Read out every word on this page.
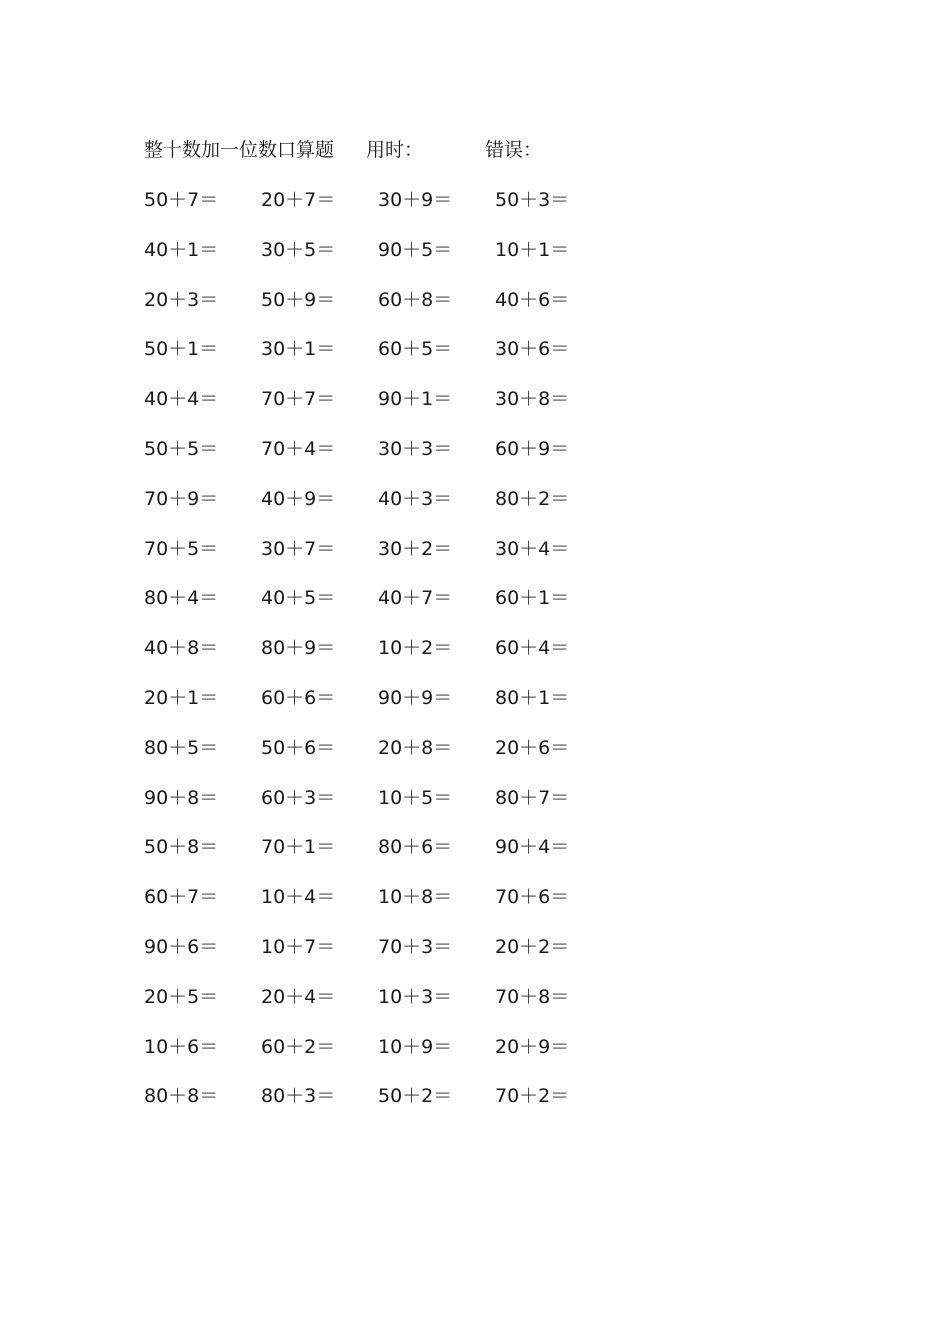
整十数加一位数口算题 用时：	错误：
50＋7＝ 20＋7＝ 30＋9＝ 50＋3＝
40＋1＝ 30＋5＝ 90＋5＝ 10＋1＝
20＋3＝ 50＋9＝ 60＋8＝ 40＋6＝
50＋1＝ 30＋1＝ 60＋5＝ 30＋6＝
40＋4＝ 70＋7＝ 90＋1＝ 30＋8＝
50＋5＝ 70＋4＝ 30＋3＝ 60＋9＝
70＋9＝ 40＋9＝ 40＋3＝ 80＋2＝
70＋5＝ 30＋7＝ 30＋2＝ 30＋4＝
80＋4＝ 40＋5＝ 40＋7＝ 60＋1＝
40＋8＝ 80＋9＝ 10＋2＝ 60＋4＝
20＋1＝ 60＋6＝ 90＋9＝ 80＋1＝
80＋5＝ 50＋6＝ 20＋8＝ 20＋6＝
90＋8＝ 60＋3＝ 10＋5＝ 80＋7＝
50＋8＝ 70＋1＝ 80＋6＝ 90＋4＝
60＋7＝ 10＋4＝ 10＋8＝ 70＋6＝
90＋6＝ 10＋7＝ 70＋3＝ 20＋2＝
20＋5＝ 20＋4＝ 10＋3＝ 70＋8＝
10＋6＝ 60＋2＝ 10＋9＝ 20＋9＝
80＋8＝ 80＋3＝ 50＋2＝ 70＋2＝
